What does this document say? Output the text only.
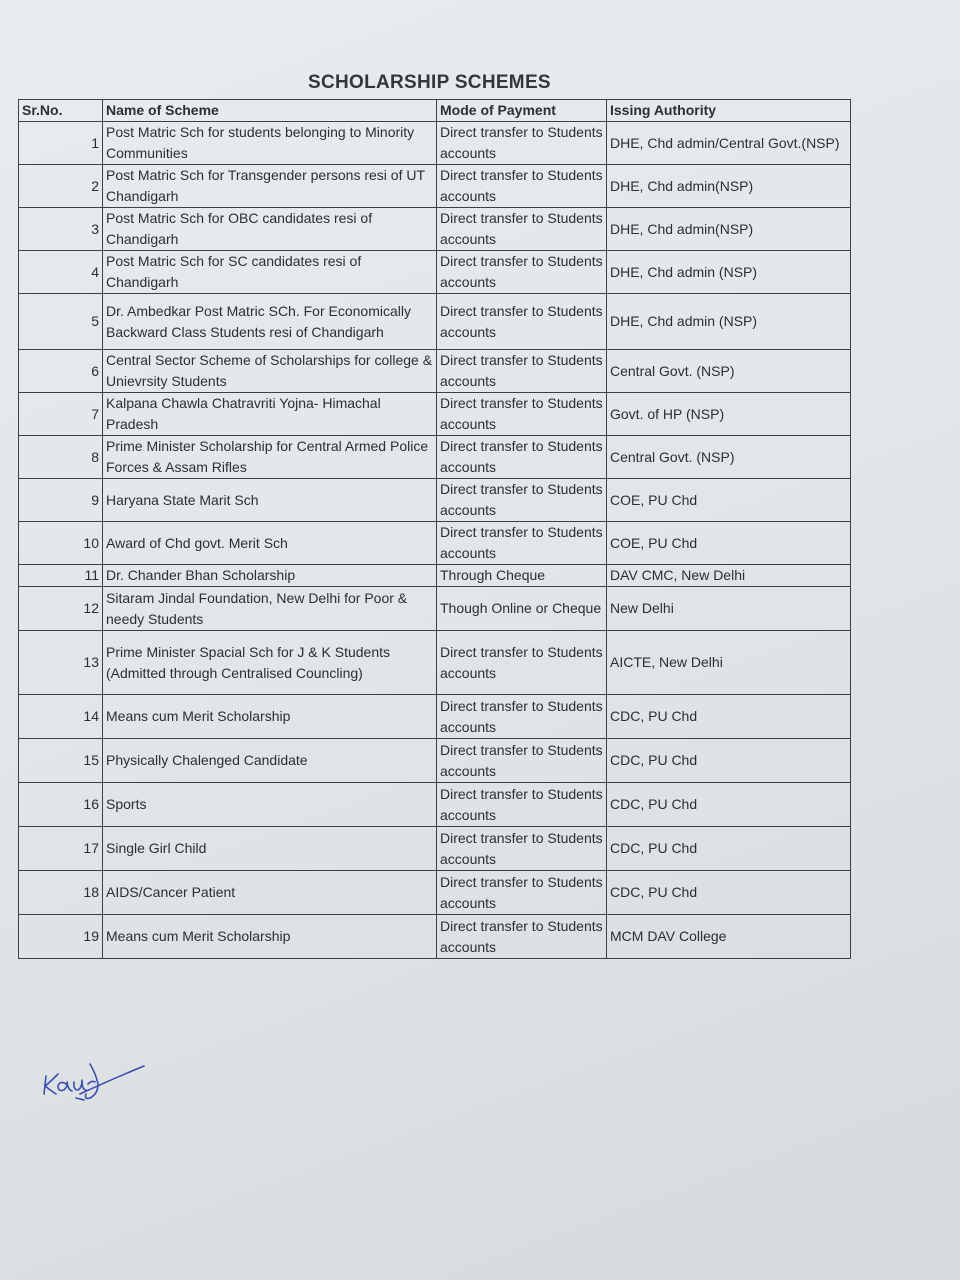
SCHOLARSHIP SCHEMES
Sr.No.	Name of Scheme	Mode of Payment	Issing Authority
1	Post Matric Sch for students belonging to Minority Communities	Direct transfer to Students accounts	DHE, Chd admin/Central Govt.(NSP)
2	Post Matric Sch for Transgender persons resi of UT Chandigarh	Direct transfer to Students accounts	DHE, Chd admin(NSP)
3	Post Matric Sch for OBC candidates resi of Chandigarh	Direct transfer to Students accounts	DHE, Chd admin(NSP)
4	Post Matric Sch for SC candidates resi of Chandigarh	Direct transfer to Students accounts	DHE, Chd admin (NSP)
5	Dr. Ambedkar Post Matric SCh. For Economically Backward Class Students resi of Chandigarh	Direct transfer to Students accounts	DHE, Chd admin (NSP)
6	Central Sector Scheme of Scholarships for college & Unievrsity Students	Direct transfer to Students accounts	Central Govt. (NSP)
7	Kalpana Chawla Chatravriti Yojna- Himachal Pradesh	Direct transfer to Students accounts	Govt. of HP (NSP)
8	Prime Minister Scholarship for Central Armed Police Forces & Assam Rifles	Direct transfer to Students accounts	Central Govt. (NSP)
9	Haryana State Marit Sch	Direct transfer to Students accounts	COE, PU Chd
10	Award of Chd govt. Merit Sch	Direct transfer to Students accounts	COE, PU Chd
11	Dr. Chander Bhan Scholarship	Through Cheque	DAV CMC, New Delhi
12	Sitaram Jindal Foundation, New Delhi for Poor & needy Students	Though Online or Cheque	New Delhi
13	Prime Minister Spacial Sch for J & K Students (Admitted through Centralised Councling)	Direct transfer to Students accounts	AICTE, New Delhi
14	Means cum Merit Scholarship	Direct transfer to Students accounts	CDC, PU Chd
15	Physically Chalenged Candidate	Direct transfer to Students accounts	CDC, PU Chd
16	Sports	Direct transfer to Students accounts	CDC, PU Chd
17	Single Girl Child	Direct transfer to Students accounts	CDC, PU Chd
18	AIDS/Cancer Patient	Direct transfer to Students accounts	CDC, PU Chd
19	Means cum Merit Scholarship	Direct transfer to Students accounts	MCM DAV College
